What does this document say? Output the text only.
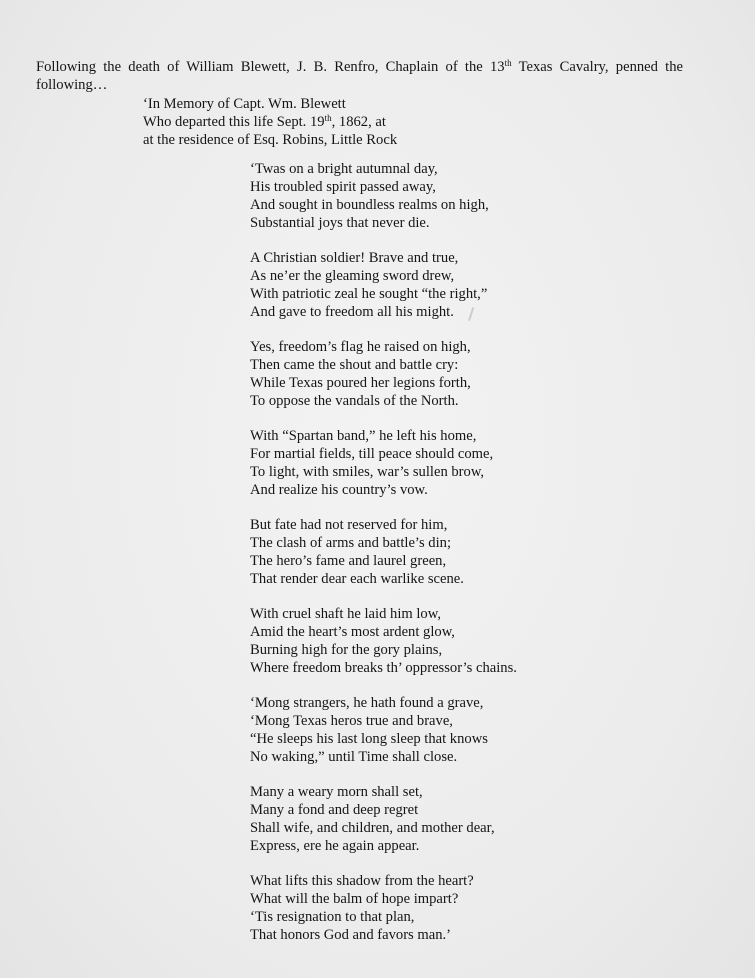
Following the death of William Blewett, J. B. Renfro, Chaplain of the 13th Texas Cavalry, penned the following…

‘In Memory of Capt. Wm. Blewett
Who departed this life Sept. 19th, 1862, at
at the residence of Esq. Robins, Little Rock
‘Twas on a bright autumnal day,
His troubled spirit passed away,
And sought in boundless realms on high,
Substantial joys that never die.
A Christian soldier! Brave and true,
As ne’er the gleaming sword drew,
With patriotic zeal he sought “the right,”
And gave to freedom all his might.
Yes, freedom’s flag he raised on high,
Then came the shout and battle cry:
While Texas poured her legions forth,
To oppose the vandals of the North.
With “Spartan band,” he left his home,
For martial fields, till peace should come,
To light, with smiles, war’s sullen brow,
And realize his country’s vow.
But fate had not reserved for him,
The clash of arms and battle’s din;
The hero’s fame and laurel green,
That render dear each warlike scene.
With cruel shaft he laid him low,
Amid the heart’s most ardent glow,
Burning high for the gory plains,
Where freedom breaks th’ oppressor’s chains.
‘Mong strangers, he hath found a grave,
‘Mong Texas heros true and brave,
“He sleeps his last long sleep that knows
No waking,” until Time shall close.
Many a weary morn shall set,
Many a fond and deep regret
Shall wife, and children, and mother dear,
Express, ere he again appear.
What lifts this shadow from the heart?
What will the balm of hope impart?
‘Tis resignation to that plan,
That honors God and favors man.’
